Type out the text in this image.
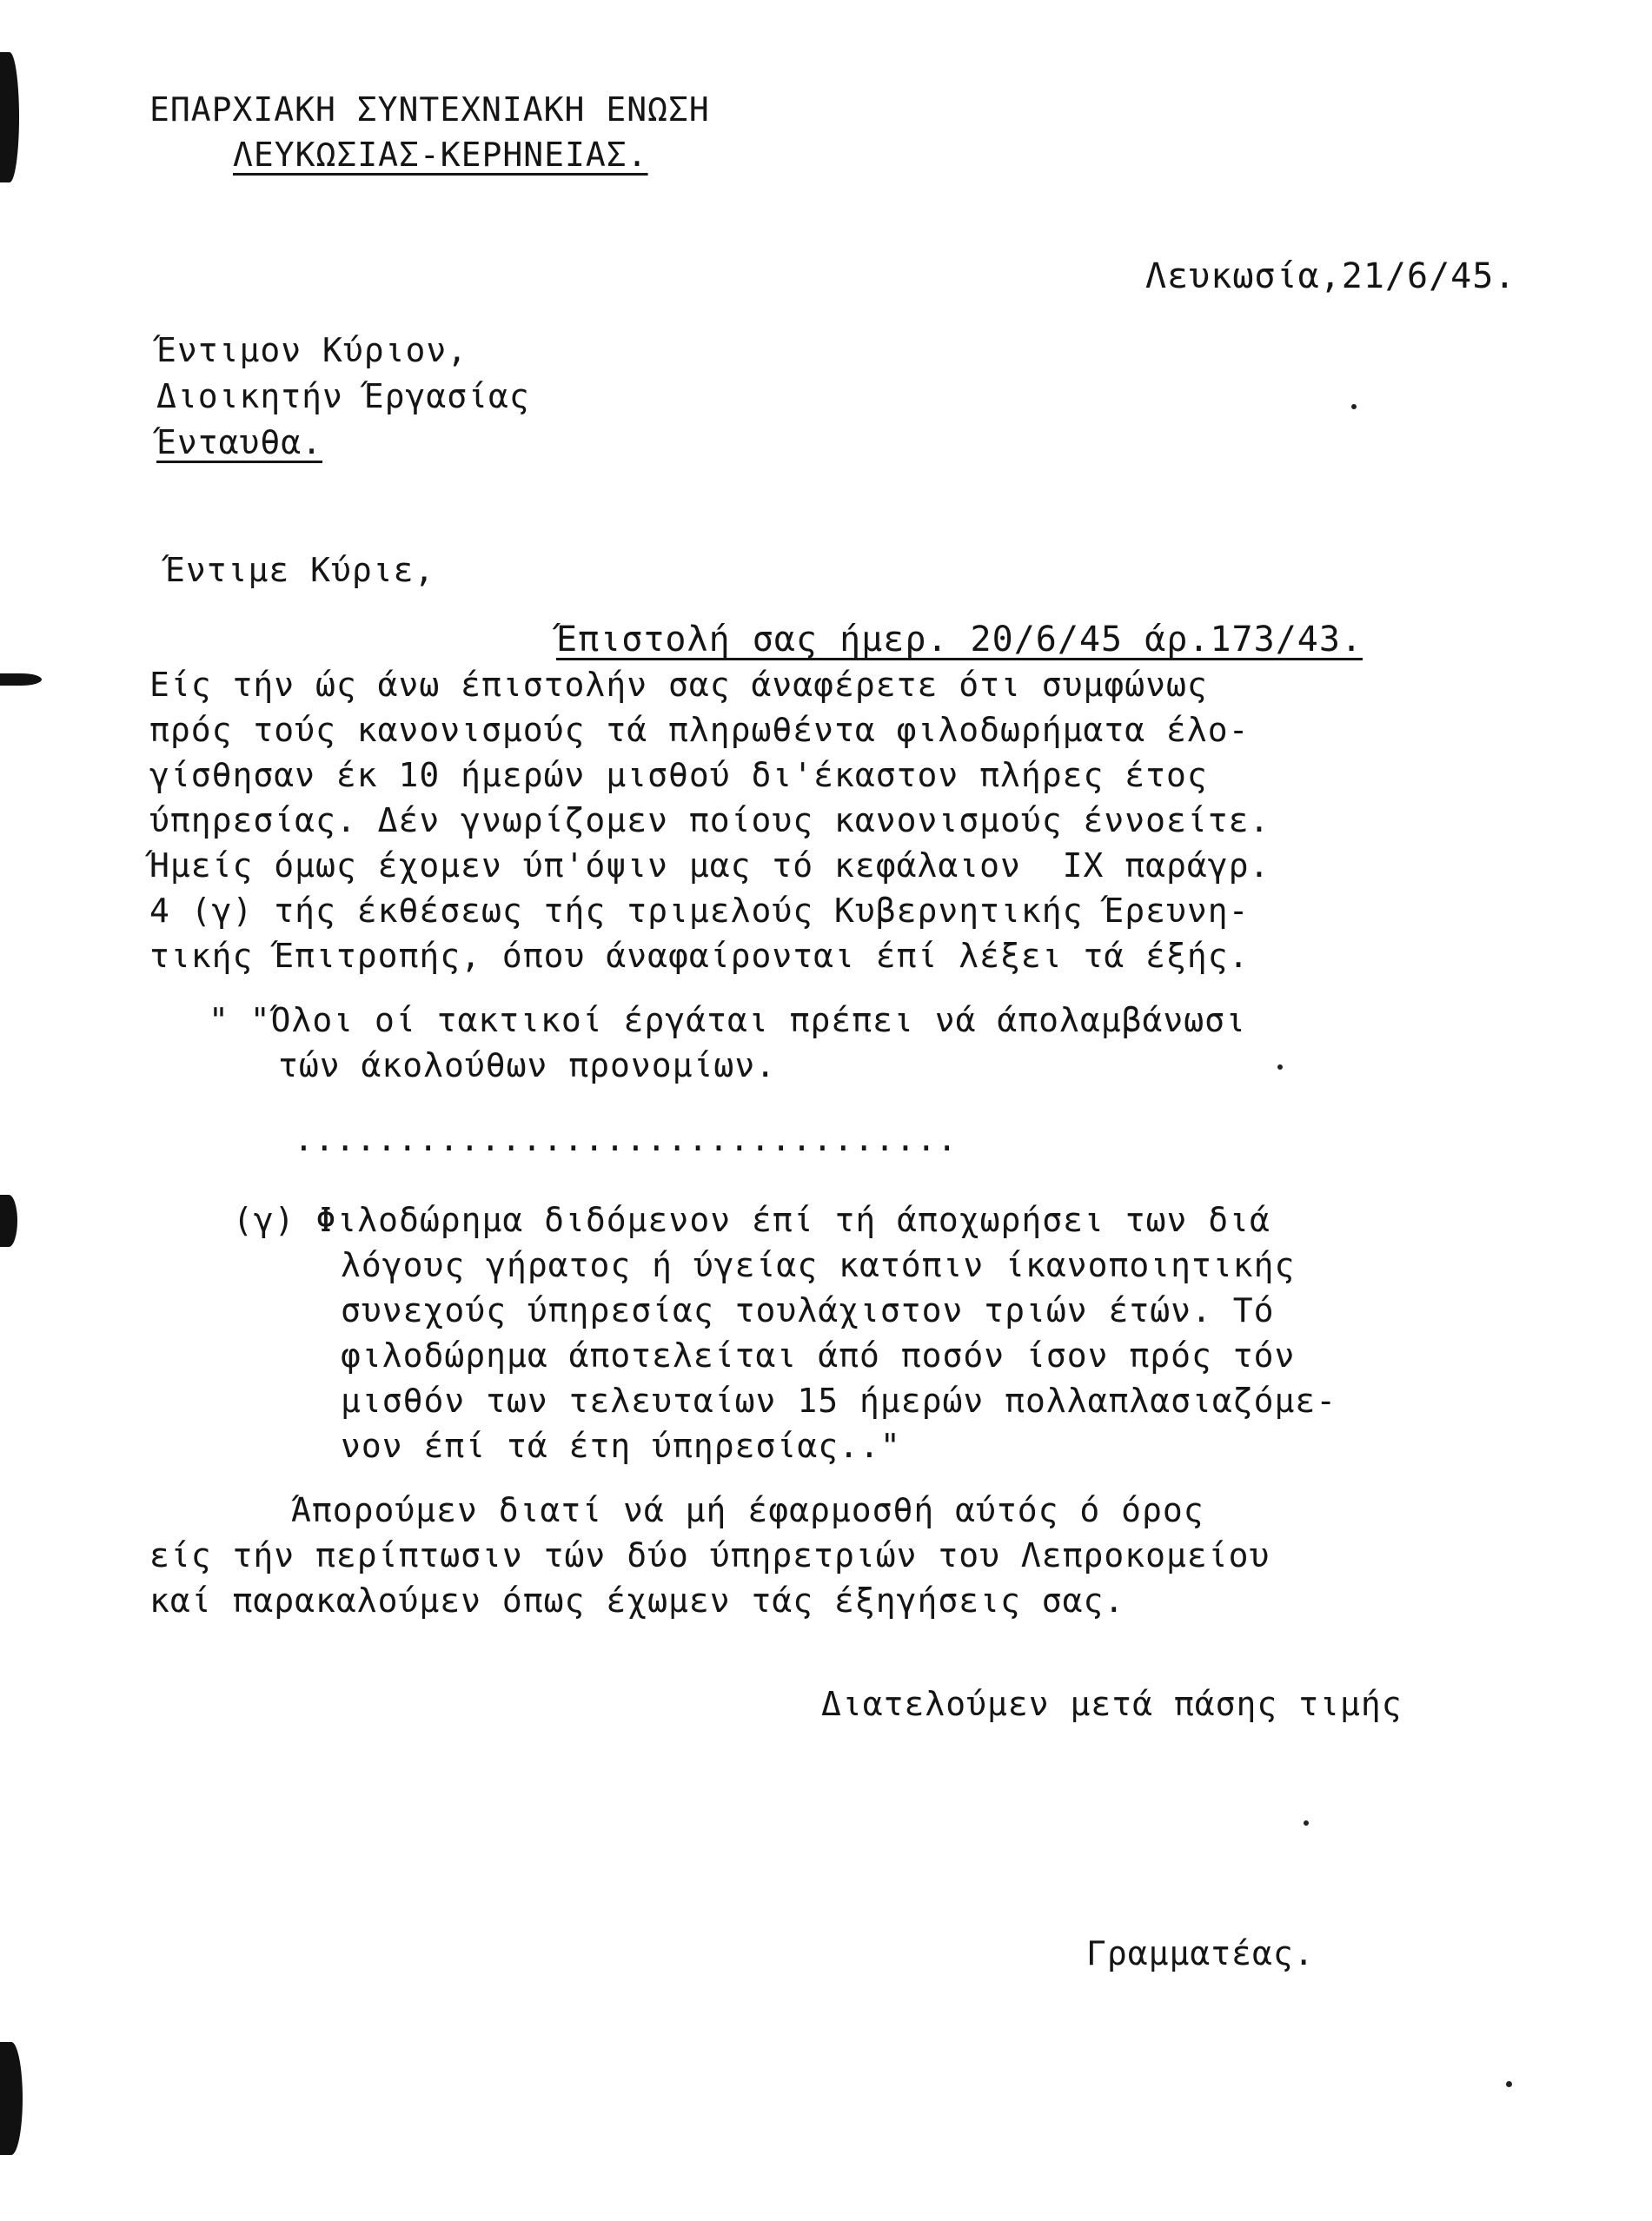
ΕΠΑΡΧΙΑΚΗ ΣΥΝΤΕΧΝΙΑΚΗ ΕΝΩΣΗ
ΛΕΥΚΩΣΙΑΣ-ΚΕΡΗΝΕΙΑΣ.
Λευκωσία,21/6/45.
Έντιμον Κύριον,
Διοικητήν Έργασίας
Ένταυθα.
Έντιμε Κύριε,
Έπιστολή σας ήμερ. 20/6/45 άρ.173/43.
Είς τήν ώς άνω έπιστολήν σας άναφέρετε ότι συμφώνως
πρός τούς κανονισμούς τά πληρωθέντα φιλοδωρήματα έλο-
γίσθησαν έκ 10 ήμερών μισθού δι'έκαστον πλήρες έτος
ύπηρεσίας. Δέν γνωρίζομεν ποίους κανονισμούς έννοείτε.
Ήμείς όμως έχομεν ύπ'όψιν μας τό κεφάλαιον  IX παράγρ.
4 (γ) τής έκθέσεως τής τριμελούς Κυβερνητικής Έρευνη-
τικής Έπιτροπής, όπου άναφαίρονται έπί λέξει τά έξής.
" "Όλοι οί τακτικοί έργάται πρέπει νά άπολαμβάνωσι
τών άκολούθων προνομίων.
................................
(γ) Φιλοδώρημα διδόμενον έπί τή άποχωρήσει των διά
λόγους γήρατος ή ύγείας κατόπιν ίκανοποιητικής
συνεχούς ύπηρεσίας τουλάχιστον τριών έτών. Τό
φιλοδώρημα άποτελείται άπό ποσόν ίσον πρός τόν
μισθόν των τελευταίων 15 ήμερών πολλαπλασιαζόμε-
νον έπί τά έτη ύπηρεσίας.."
Άπορούμεν διατί νά μή έφαρμοσθή αύτός ό όρος
είς τήν περίπτωσιν τών δύο ύπηρετριών του Λεπροκομείου
καί παρακαλούμεν όπως έχωμεν τάς έξηγήσεις σας.
Διατελούμεν μετά πάσης τιμής
Γραμματέας.
